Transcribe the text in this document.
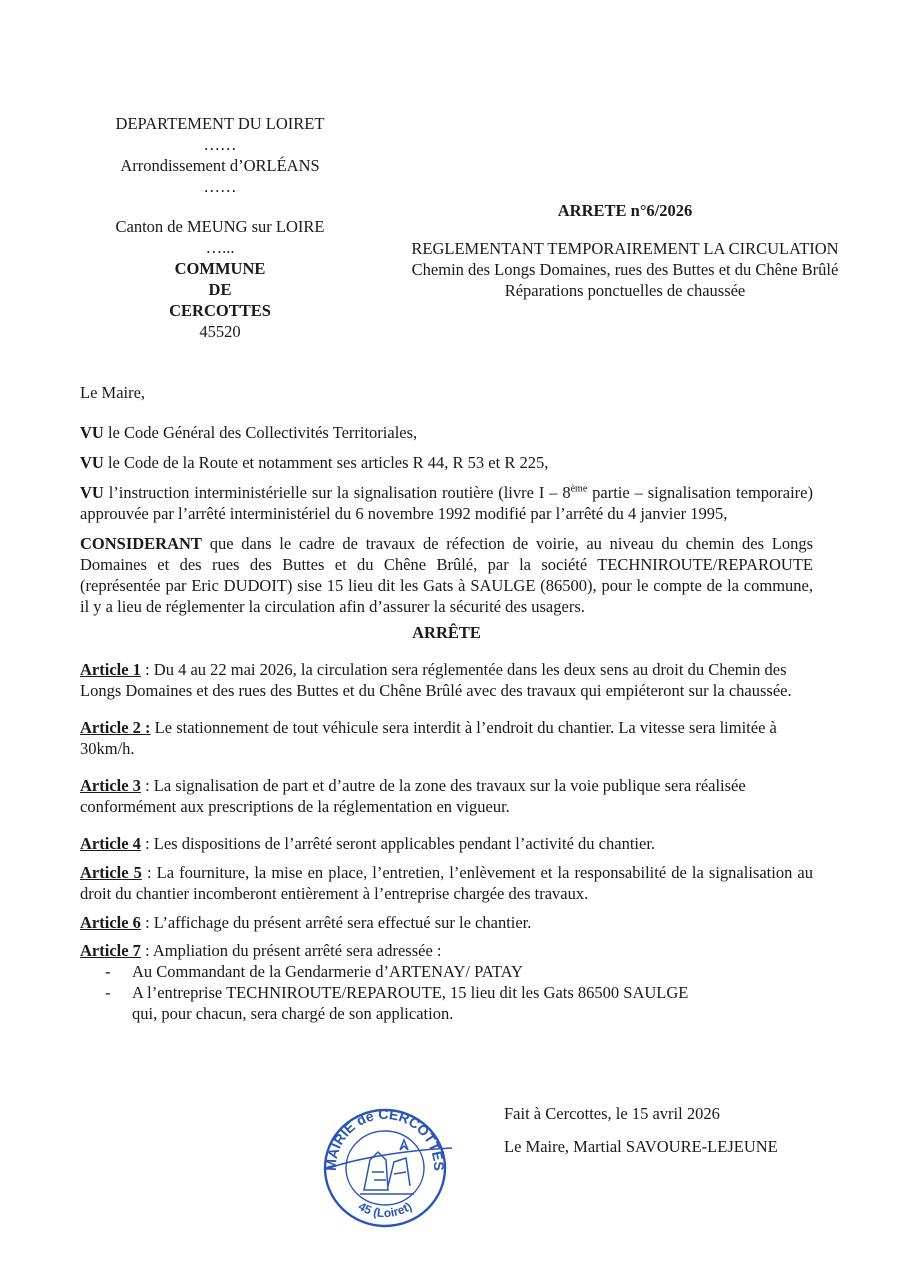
DEPARTEMENT DU LOIRET
……
Arrondissement d’ORLÉANS
……
Canton de MEUNG sur LOIRE
…...
COMMUNE
DE
CERCOTTES
45520
ARRETE n°6/2026
REGLEMENTANT TEMPORAIREMENT LA CIRCULATION
Chemin des Longs Domaines, rues des Buttes et du Chêne Brûlé
Réparations ponctuelles de chaussée

Le Maire,

VU le Code Général des Collectivités Territoriales,

VU le Code de la Route et notamment ses articles R 44, R 53 et R 225,

VU l’instruction interministérielle sur la signalisation routière (livre I – 8ème partie – signalisation temporaire) approuvée par l’arrêté interministériel du 6 novembre 1992 modifié par l’arrêté du 4 janvier 1995,

CONSIDERANT que dans le cadre de travaux de réfection de voirie, au niveau du chemin des Longs Domaines et des rues des Buttes et du Chêne Brûlé, par la société TECHNIROUTE/REPAROUTE (représentée par Eric DUDOIT) sise 15 lieu dit les Gats à SAULGE (86500), pour le compte de la commune, il y a lieu de réglementer la circulation afin d’assurer la sécurité des usagers.

ARRÊTE

Article 1 : Du 4 au 22 mai 2026, la circulation sera réglementée dans les deux sens au droit du Chemin des Longs Domaines et des rues des Buttes et du Chêne Brûlé avec des travaux qui empiéteront sur la chaussée.

Article 2 : Le stationnement de tout véhicule sera interdit à l’endroit du chantier. La vitesse sera limitée à 30km/h.

Article 3 : La signalisation de part et d’autre de la zone des travaux sur la voie publique sera réalisée conformément aux prescriptions de la réglementation en vigueur.

Article 4 : Les dispositions de l’arrêté seront applicables pendant l’activité du chantier.

Article 5 : La fourniture, la mise en place, l’entretien, l’enlèvement et la responsabilité de la signalisation au droit du chantier incomberont entièrement à l’entreprise chargée des travaux.

Article 6 : L’affichage du présent arrêté sera effectué sur le chantier.

Article 7 : Ampliation du présent arrêté sera adressée :

- Au Commandant de la Gendarmerie d’ARTENAY/ PATAY
- A l’entreprise TECHNIROUTE/REPAROUTE, 15 lieu dit les Gats 86500 SAULGE

qui, pour chacun, sera chargé de son application.

MAIRIE de CERCOTTES
45 (Loiret)
Fait à Cercottes, le 15 avril 2026
Le Maire, Martial SAVOURE-LEJEUNE
